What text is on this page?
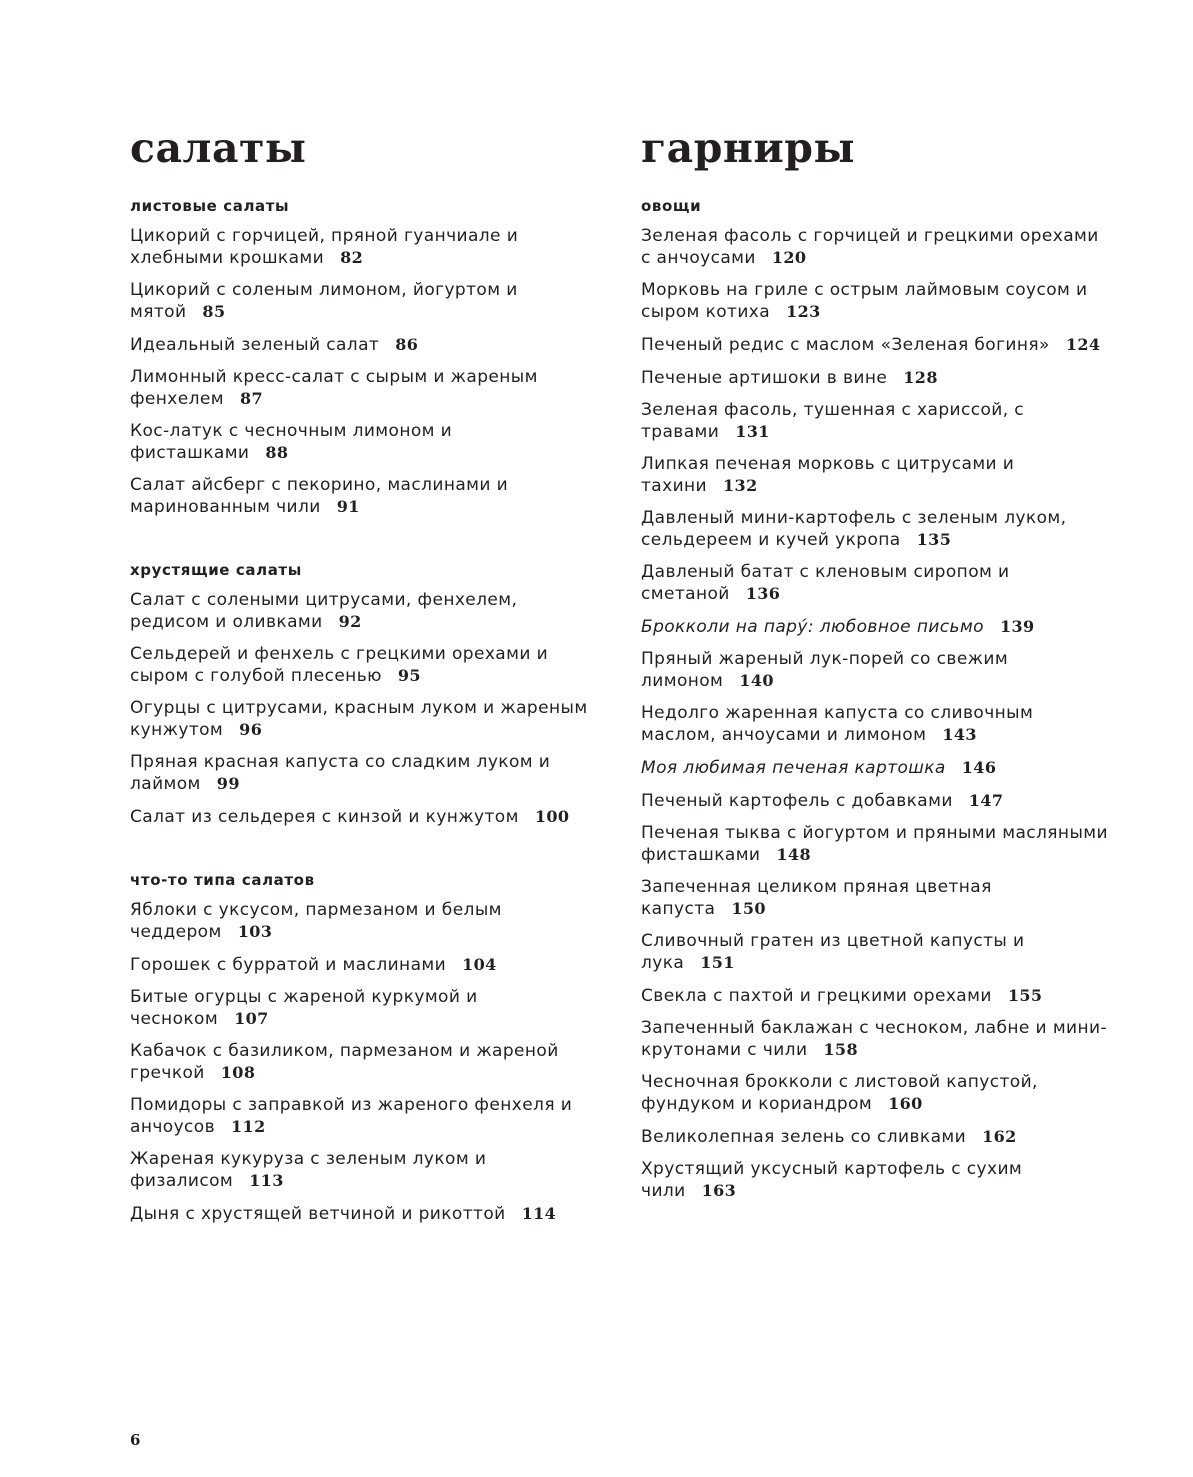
салаты
листовые салаты
Цикорий с горчицей, пряной гуанчиале и хлебными крошками 82
Цикорий с соленым лимоном, йогуртом и мятой 85
Идеальный зеленый салат 86
Лимонный кресс-салат с сырым и жареным фенхелем 87
Кос-латук с чесночным лимоном и фисташками 88
Салат айсберг с пекорино, маслинами и маринованным чили 91
хрустящие салаты
Салат с солеными цитрусами, фенхелем, редисом и оливками 92
Сельдерей и фенхель с грецкими орехами и сыром с голубой плесенью 95
Огурцы с цитрусами, красным луком и жареным кунжутом 96
Пряная красная капуста со сладким луком и лаймом 99
Салат из сельдерея с кинзой и кунжутом 100
что-то типа салатов
Яблоки с уксусом, пармезаном и белым чеддером 103
Горошек с бурратой и маслинами 104
Битые огурцы с жареной куркумой и чесноком 107
Кабачок с базиликом, пармезаном и жареной гречкой 108
Помидоры с заправкой из жареного фенхеля и анчоусов 112
Жареная кукуруза с зеленым луком и физалисом 113
Дыня с хрустящей ветчиной и рикоттой 114
гарниры
овощи
Зеленая фасоль с горчицей и грецкими орехами с анчоусами 120
Морковь на гриле с острым лаймовым соусом и сыром котиха 123
Печеный редис с маслом «Зеленая богиня» 124
Печеные артишоки в вине 128
Зеленая фасоль, тушенная с хариссой, с травами 131
Липкая печеная морковь с цитрусами и тахини 132
Давленый мини-картофель с зеленым луком, сельдереем и кучей укропа 135
Давленый батат с кленовым сиропом и сметаной 136
Брокколи на пару́: любовное письмо 139
Пряный жареный лук-порей со свежим лимоном 140
Недолго жаренная капуста со сливочным маслом, анчоусами и лимоном 143
Моя любимая печеная картошка 146
Печеный картофель с добавками 147
Печеная тыква с йогуртом и пряными масляными фисташками 148
Запеченная целиком пряная цветная капуста 150
Сливочный гратен из цветной капусты и лука 151
Свекла с пахтой и грецкими орехами 155
Запеченный баклажан с чесноком, лабне и мини-крутонами с чили 158
Чесночная брокколи с листовой капустой, фундуком и кориандром 160
Великолепная зелень со сливками 162
Хрустящий уксусный картофель с сухим чили 163
6
